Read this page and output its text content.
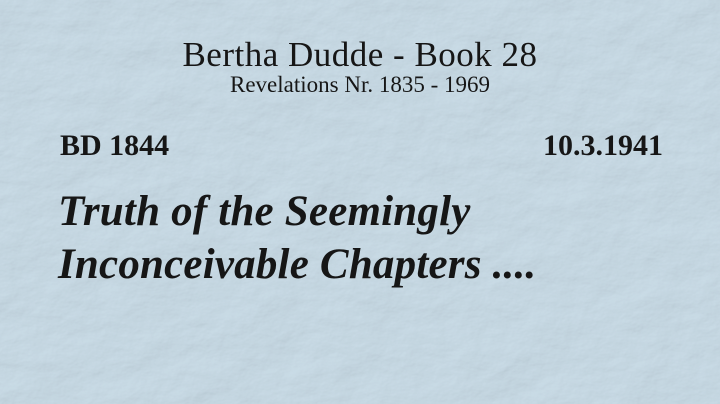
Bertha Dudde - Book 28
Revelations Nr. 1835 - 1969
BD 1844	10.3.1941
Truth of the Seemingly
Inconceivable Chapters ....
